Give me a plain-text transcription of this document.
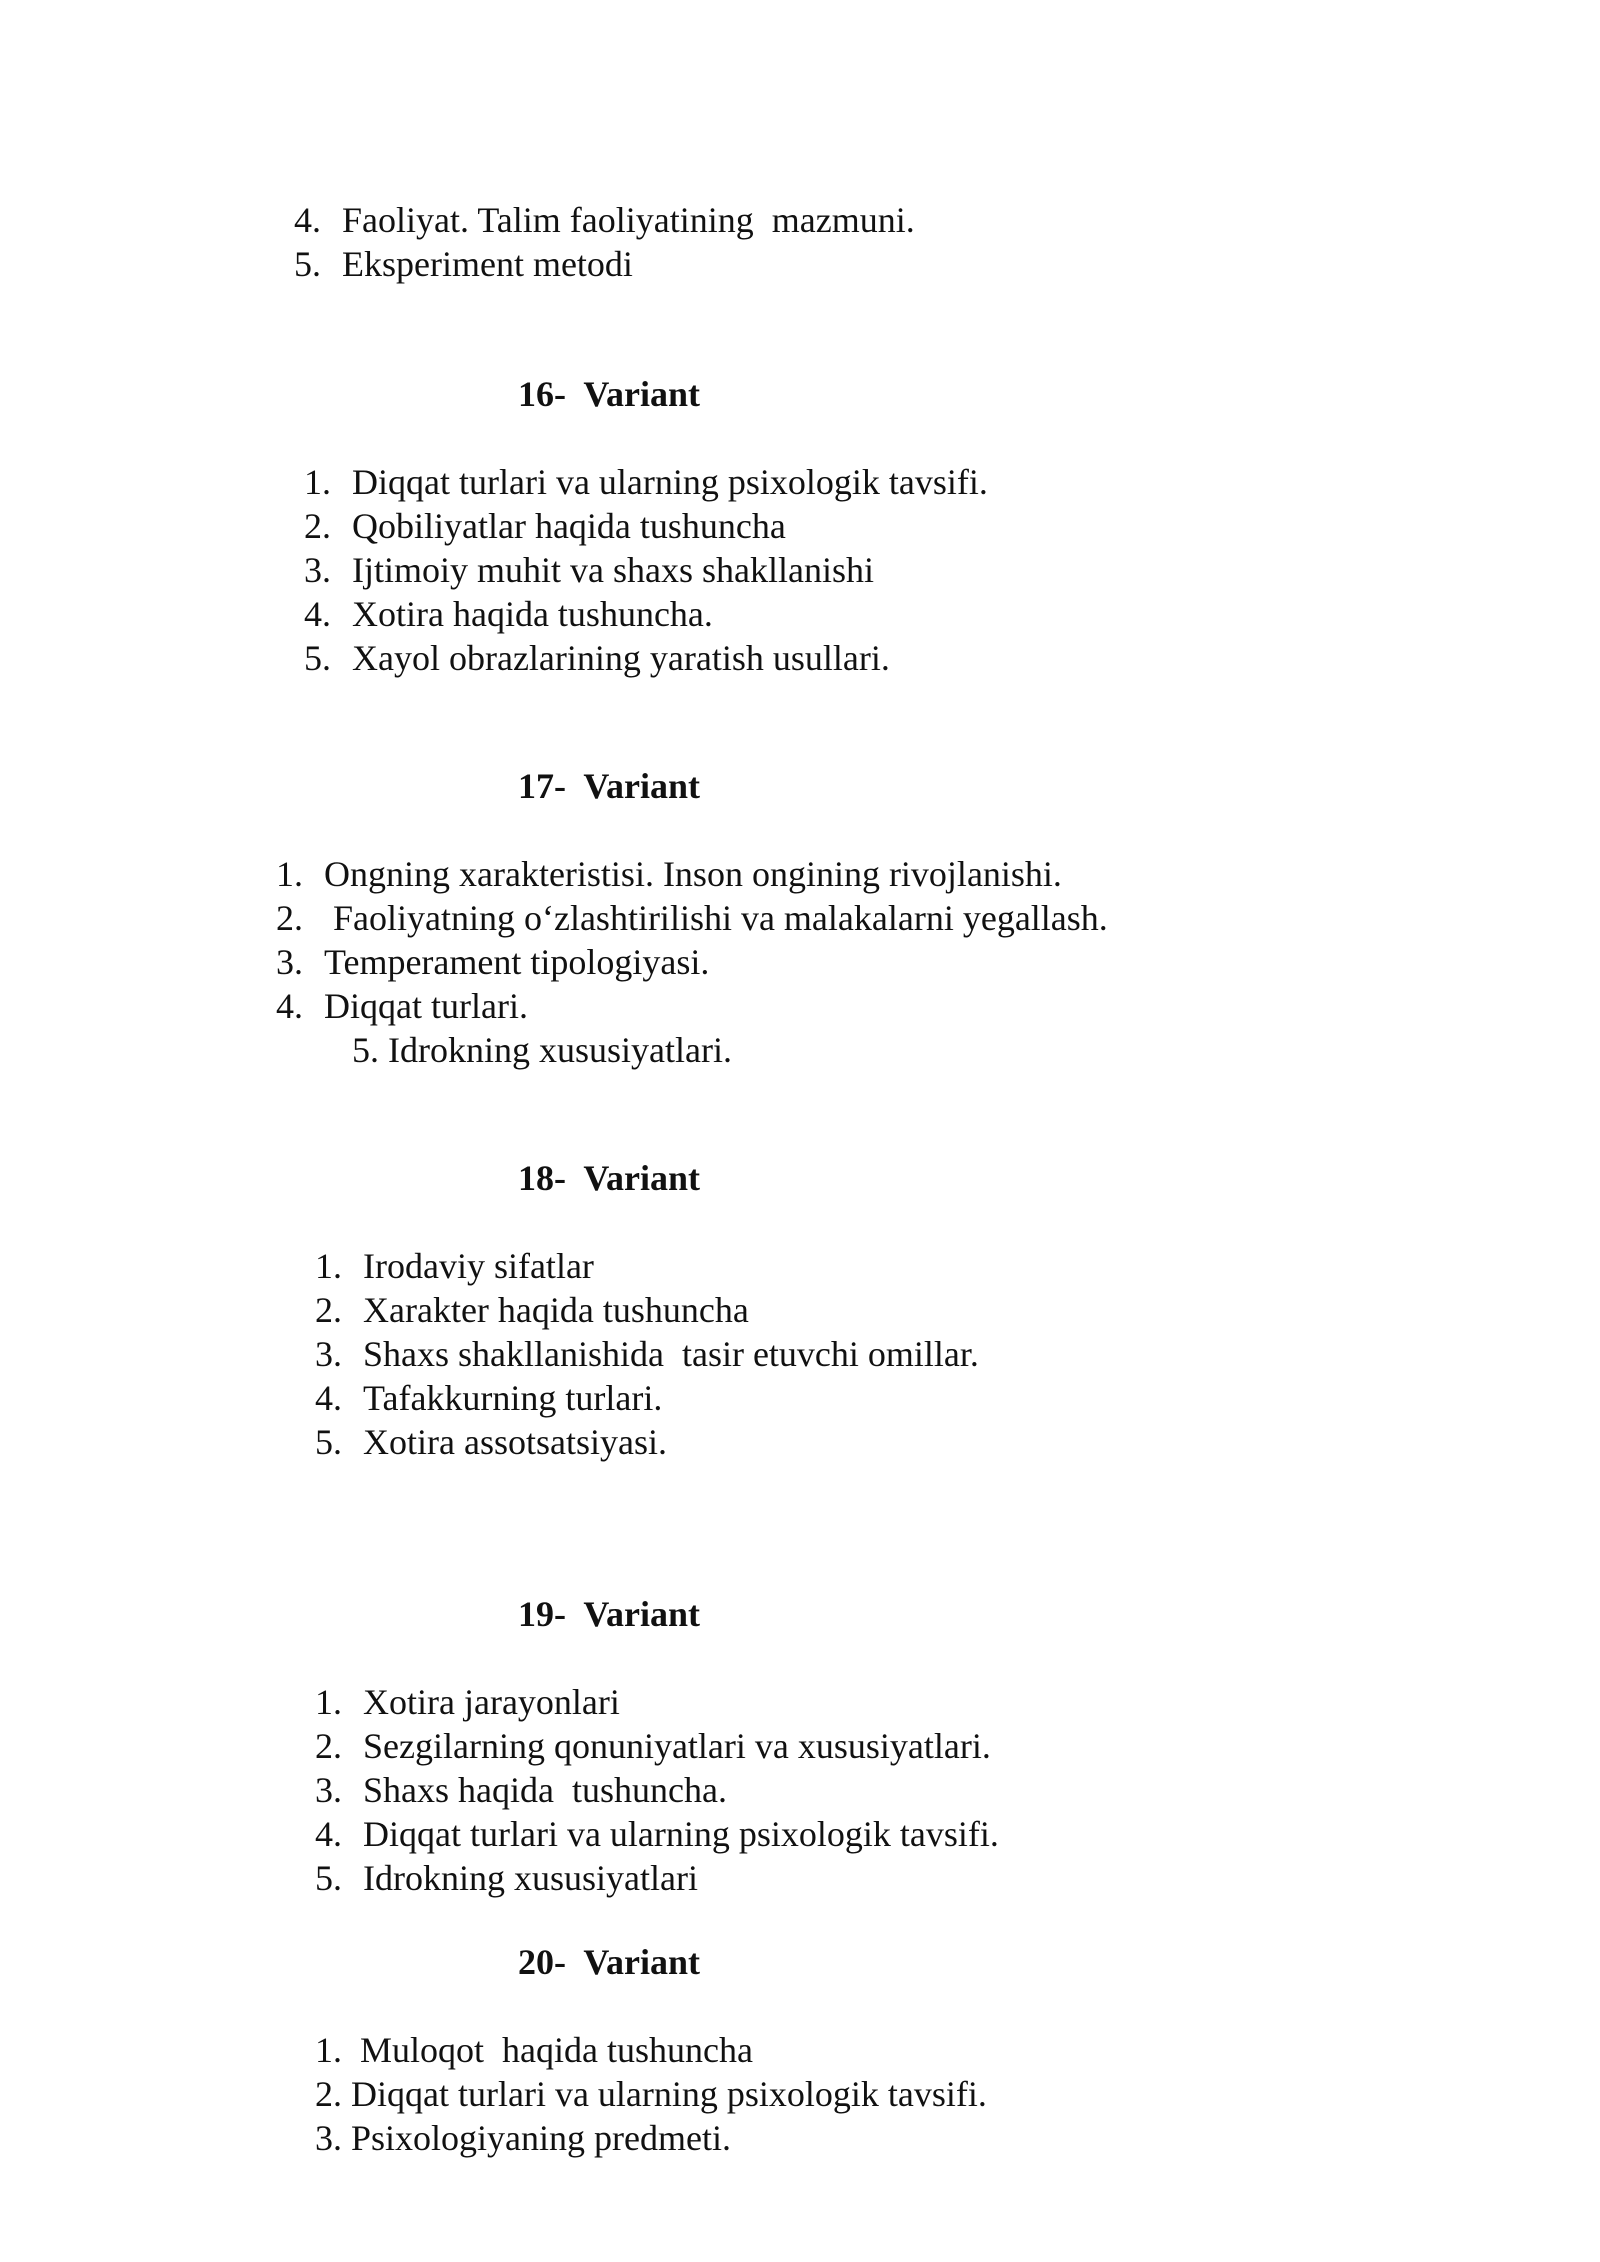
4. Faoliyat. Talim faoliyatining  mazmuni.

5. Eksperiment metodi

16-  Variant

1. Diqqat turlari va ularning psixologik tavsifi.

2. Qobiliyatlar haqida tushuncha

3. Ijtimoiy muhit va shaxs shakllanishi

4. Xotira haqida tushuncha.

5. Xayol obrazlarining yaratish usullari.

17-  Variant

1. Ongning xarakteristisi. Inson ongining rivojlanishi.

2. Faoliyatning o‘zlashtirilishi va malakalarni yegallash.

3. Temperament tipologiyasi.

4. Diqqat turlari.

5. Idrokning xususiyatlari.

18-  Variant

1. Irodaviy sifatlar

2. Xarakter haqida tushuncha

3. Shaxs shakllanishida  tasir etuvchi omillar.

4. Tafakkurning turlari.

5. Xotira assotsatsiyasi.

19-  Variant

1. Xotira jarayonlari

2. Sezgilarning qonuniyatlari va xususiyatlari.

3. Shaxs haqida  tushuncha.

4. Diqqat turlari va ularning psixologik tavsifi.

5. Idrokning xususiyatlari

20-  Variant

1. Muloqot  haqida tushuncha

2. Diqqat turlari va ularning psixologik tavsifi.

3. Psixologiyaning predmeti.
